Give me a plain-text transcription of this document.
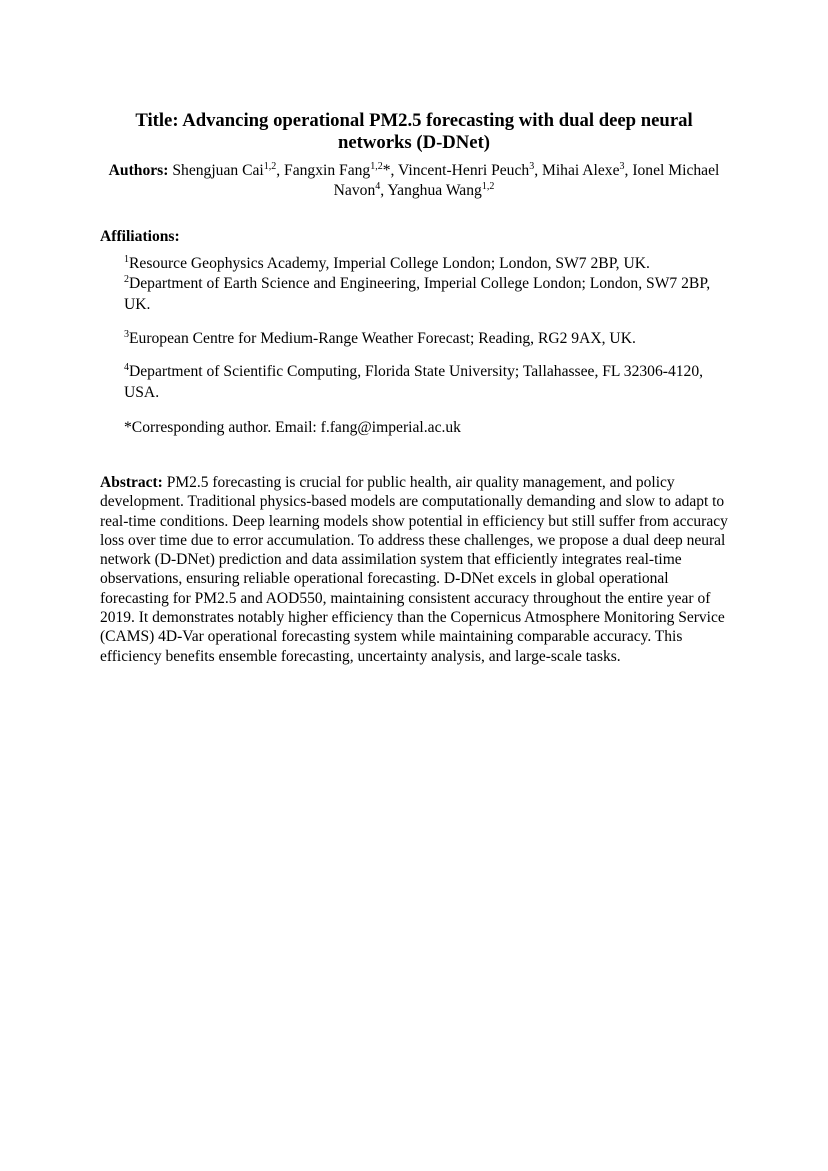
Title: Advancing operational PM2.5 forecasting with dual deep neural networks (D-DNet)
Authors: Shengjuan Cai$^{1,2}$, Fangxin Fang$^{1,2}$*, Vincent-Henri Peuch$^3$, Mihai Alexe$^3$, Ionel Michael Navon$^4$, Yanghua Wang$^{1,2}$
Affiliations:
$^1$Resource Geophysics Academy, Imperial College London; London, SW7 2BP, UK.
$^2$Department of Earth Science and Engineering, Imperial College London; London, SW7 2BP, UK.
$^3$European Centre for Medium-Range Weather Forecast; Reading, RG2 9AX, UK.
$^4$Department of Scientific Computing, Florida State University; Tallahassee, FL 32306-4120, USA.
*Corresponding author. Email: f.fang@imperial.ac.uk
Abstract: PM2.5 forecasting is crucial for public health, air quality management, and policy development. Traditional physics-based models are computationally demanding and slow to adapt to real-time conditions. Deep learning models show potential in efficiency but still suffer from accuracy loss over time due to error accumulation. To address these challenges, we propose a dual deep neural network (D-DNet) prediction and data assimilation system that efficiently integrates real-time observations, ensuring reliable operational forecasting. D-DNet excels in global operational forecasting for PM2.5 and AOD550, maintaining consistent accuracy throughout the entire year of 2019. It demonstrates notably higher efficiency than the Copernicus Atmosphere Monitoring Service (CAMS) 4D-Var operational forecasting system while maintaining comparable accuracy. This efficiency benefits ensemble forecasting, uncertainty analysis, and large-scale tasks.
